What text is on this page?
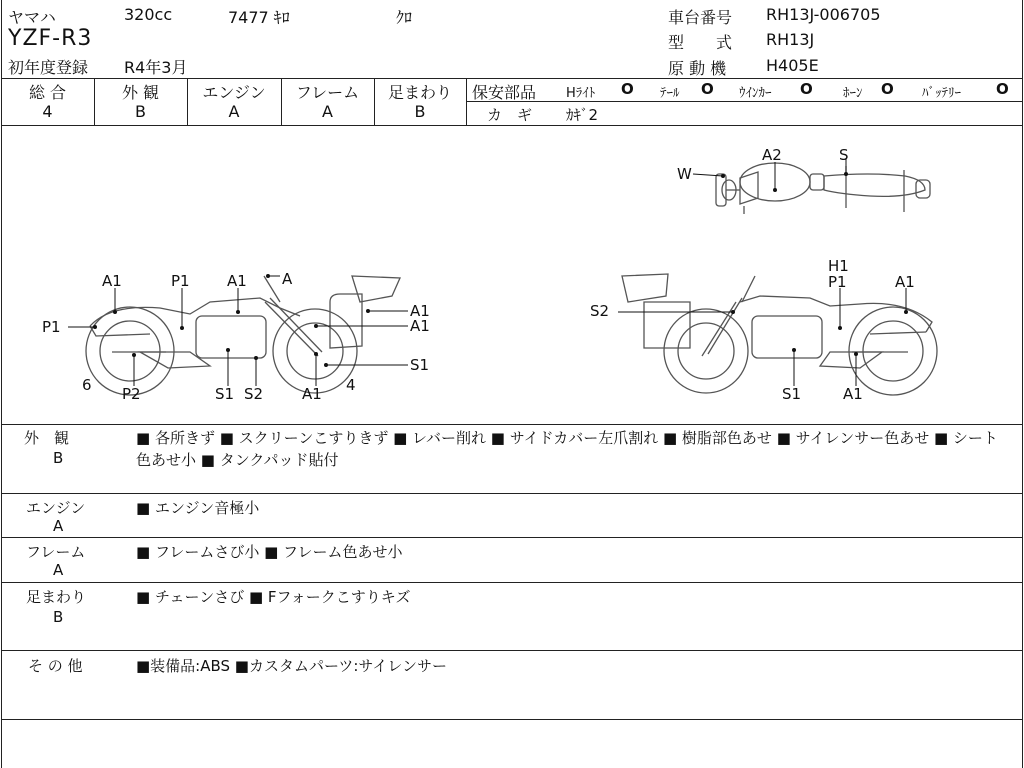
ヤマハ	320cc	7477 ｷﾛ	ｸﾛ
YZF-R3
初年度登録 R4年3月
車台番号 RH13J-006705
型　　式 RH13J
原 動 機 H405E
総 合	外 観	エンジン	フレーム	足まわり
4	B	A	A	B
保安部品 Hﾗｲﾄ O ﾃｰﾙ O ｳｲﾝｶｰ O ﾎｰﾝ O ﾊﾞｯﾃﾘｰ O
カ　ギ ｶｷﾞ2
W
A2	S
A1	P1 A1 A
P1
A1
A1
S1
6 P2	S1 S2	A1 4
H1
P1	A1
S2
S1	A1
外　観
B
■ 各所きず ■ スクリーンこすりきず ■ レバー削れ ■ サイドカバー左爪割れ ■ 樹脂部色あせ ■ サイレンサー色あせ ■ シート色あせ小 ■ タンクパッド貼付
エンジン
A
■ エンジン音極小
フレーム
A
■ フレームさび小 ■ フレーム色あせ小
足まわり
B
■ チェーンさび ■ Fフォークこすりキズ
そ の 他	■装備品:ABS ■カスタムパーツ:サイレンサー
